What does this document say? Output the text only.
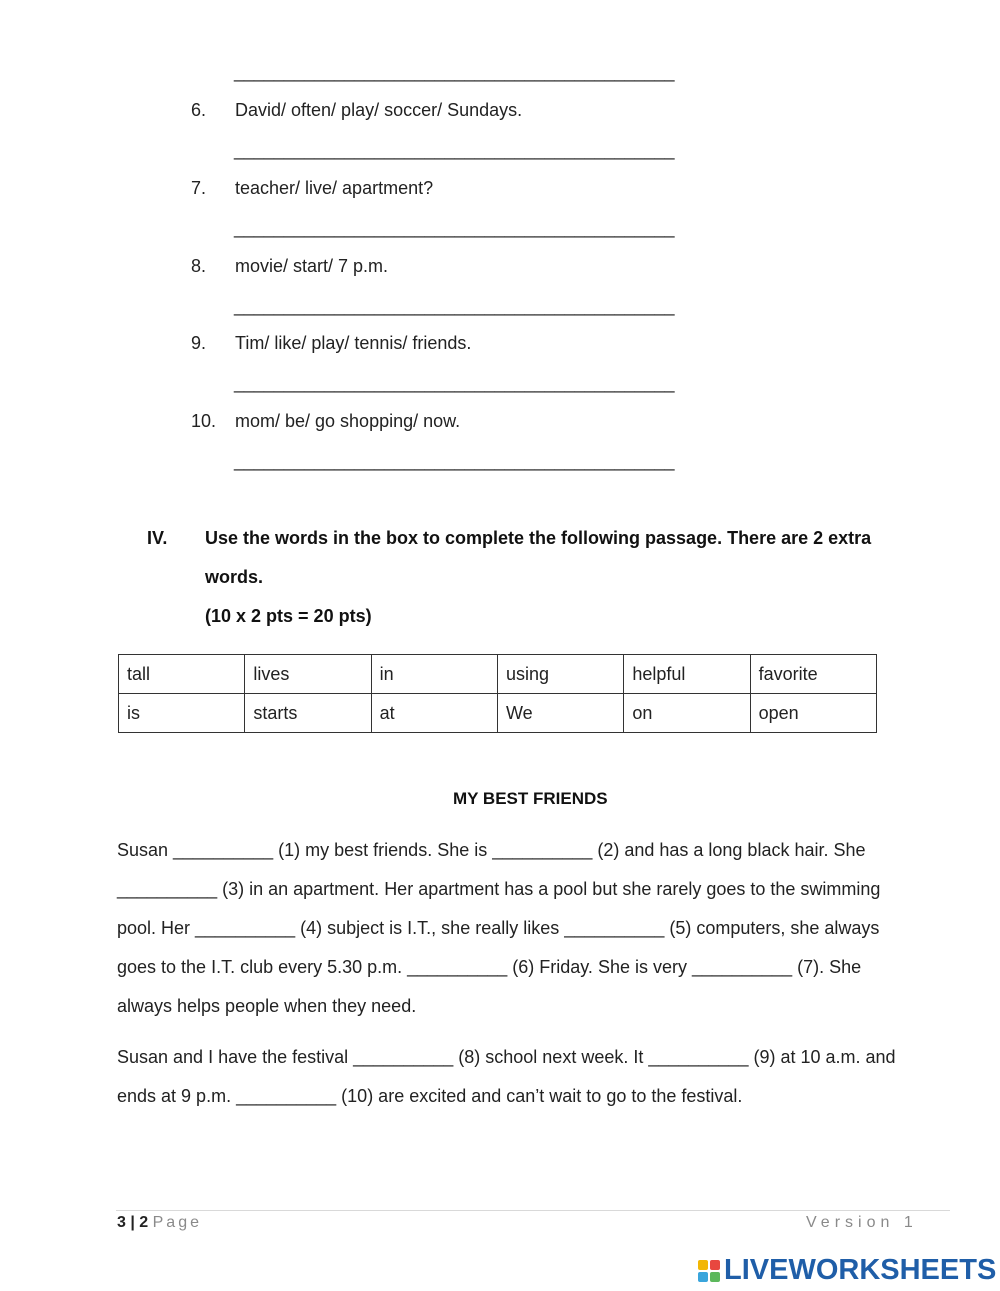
____________________________________________
6. David/ often/ play/ soccer/ Sundays.
____________________________________________
7. teacher/ live/ apartment?
____________________________________________
8. movie/ start/ 7 p.m.
____________________________________________
9. Tim/ like/ play/ tennis/ friends.
____________________________________________
10. mom/ be/ go shopping/ now.
____________________________________________
IV. Use the words in the box to complete the following passage. There are 2 extra
words.
(10 x 2 pts = 20 pts)
tall	lives	in	using	helpful	favorite
is	starts	at	We	on	open
MY BEST FRIENDS
Susan __________ (1) my best friends. She is __________ (2) and has a long black hair. She
__________ (3) in an apartment. Her apartment has a pool but she rarely goes to the swimming
pool. Her __________ (4) subject is I.T., she really likes __________ (5) computers, she always
goes to the I.T. club every 5.30 p.m. __________ (6) Friday. She is very __________ (7). She
always helps people when they need.
Susan and I have the festival __________ (8) school next week. It __________ (9) at 10 a.m. and
ends at 9 p.m. __________ (10) are excited and can’t wait to go to the festival.
3 | 2 Page	Version 1
LIVEWORKSHEETS
